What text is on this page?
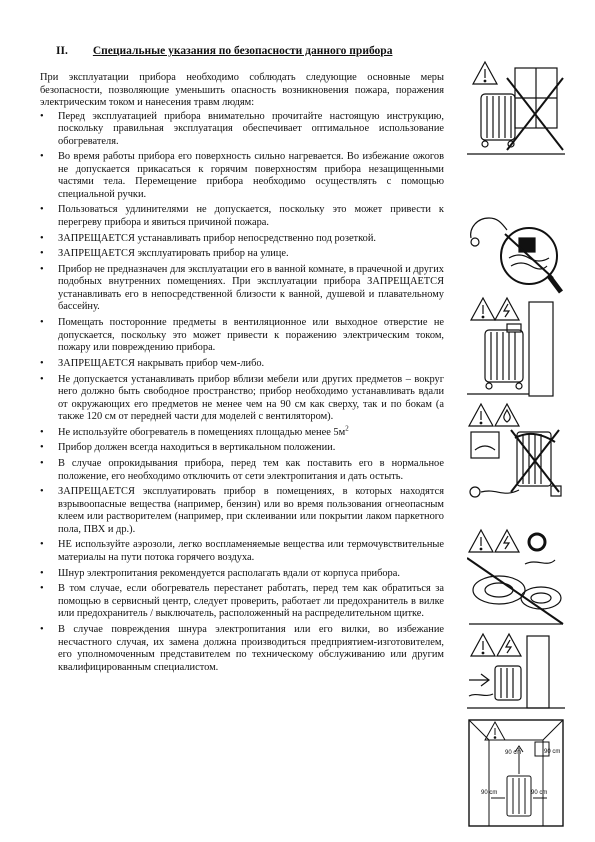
II. Специальные указания по безопасности данного прибора

При эксплуатации прибора необходимо соблюдать следующие основные меры безопасности, позволяющие уменьшить опасность возникновения пожара, поражения электрическим током и нанесения травм людям:

• Перед эксплуатацией прибора внимательно прочитайте настоящую инструкцию, поскольку правильная эксплуатация обеспечивает оптимальное использование обогревателя.
• Во время работы прибора его поверхность сильно нагревается. Во избежание ожогов не допускается прикасаться к горячим поверхностям прибора незащищенными частями тела. Перемещение прибора необходимо осуществлять с помощью специальной ручки.
• Пользоваться удлинителями не допускается, поскольку это может привести к перегреву прибора и явиться причиной пожара.
• ЗАПРЕЩАЕТСЯ устанавливать прибор непосредственно под розеткой.
• ЗАПРЕЩАЕТСЯ эксплуатировать прибор на улице.
• Прибор не предназначен для эксплуатации его в ванной комнате, в прачечной и других подобных внутренних помещениях. При эксплуатации прибора ЗАПРЕЩАЕТСЯ устанавливать его в непосредственной близости к ванной, душевой и плавательному бассейну.
• Помещать посторонние предметы в вентиляционное или выходное отверстие не допускается, поскольку это может привести к поражению электрическим током, пожару или повреждению прибора.
• ЗАПРЕЩАЕТСЯ накрывать прибор чем-либо.
• Не допускается устанавливать прибор вблизи мебели или других предметов – вокруг него должно быть свободное пространство; прибор необходимо устанавливать вдали от окружающих его предметов не менее чем на 90 см как сверху, так и по бокам (а также 120 см от передней части для моделей с вентилятором).
• Не используйте обогреватель в помещениях площадью менее $5м^2$
• Прибор должен всегда находиться в вертикальном положении.
• В случае опрокидывания прибора, перед тем как поставить его в нормальное положение, его необходимо отключить от сети электропитания и дать остыть.
• ЗАПРЕЩАЕТСЯ эксплуатировать прибор в помещениях, в которых находятся взрывоопасные вещества (например, бензин) или во время пользования огнеопасным клеем или растворителем (например, при склеивании или покрытии лаком паркетного пола, ПВХ и др.).
• НЕ используйте аэрозоли, легко воспламеняемые вещества или термочувствительные материалы на пути потока горячего воздуха.
• Шнур электропитания рекомендуется располагать вдали от корпуса прибора.
• В том случае, если обогреватель перестанет работать, перед тем как обратиться за помощью в сервисный центр, следует проверить, работает ли предохранитель в вилке или предохранитель / выключатель, расположенный на распределительном щитке.
• В случае повреждения шнура электропитания или его вилки, во избежание несчастного случая, их замена должна производиться предприятием-изготовителем, его уполномоченным представителем по техническому обслуживанию или другим квалифицированным специалистом.
90 cm	90 cm
90 cm	90 cm
